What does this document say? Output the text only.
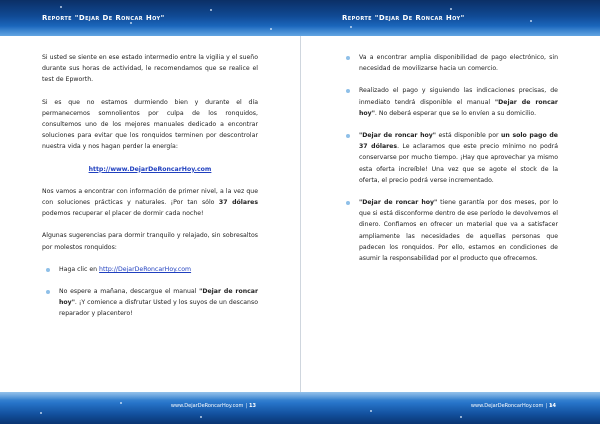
Reporte "Dejar De Roncar Hoy"

Si usted se siente en ese estado intermedio entre la vigilia y el sueño durante sus horas de actividad, le recomendamos que se realice el test de Epworth.

Si es que no estamos durmiendo bien y durante el día permanecemos somnolientos por culpa de los ronquidos, consultemos uno de los mejores manuales dedicado a encontrar soluciones para evitar que los ronquidos terminen por descontrolar nuestra vida y nos hagan perder la energía:

http://www.DejarDeRoncarHoy.com

Nos vamos a encontrar con información de primer nivel, a la vez que con soluciones prácticas y naturales. ¡Por tan sólo 37 dólares podemos recuperar el placer de dormir cada noche!

Algunas sugerencias para dormir tranquilo y relajado, sin sobresaltos por molestos ronquidos:

Haga clic en http://DejarDeRoncarHoy.com
No espere a mañana, descargue el manual "Dejar de roncar hoy". ¡Y comience a disfrutar Usted y los suyos de un descanso reparador y placentero!
www.DejarDeRoncarHoy.com | 13
Reporte "Dejar De Roncar Hoy"
Va a encontrar amplia disponibilidad de pago electrónico, sin necesidad de movilizarse hacia un comercio.
Realizado el pago y siguiendo las indicaciones precisas, de inmediato tendrá disponible el manual "Dejar de roncar hoy". No deberá esperar que se lo envíen a su domicilio.
"Dejar de roncar hoy" está disponible por un solo pago de 37 dólares. Le aclaramos que este precio mínimo no podrá conservarse por mucho tiempo. ¡Hay que aprovechar ya mismo esta oferta increíble! Una vez que se agote el stock de la oferta, el precio podrá verse incrementado.
"Dejar de roncar hoy" tiene garantía por dos meses, por lo que si está disconforme dentro de ese período le devolvemos el dinero. Confiamos en ofrecer un material que va a satisfacer ampliamente las necesidades de aquellas personas que padecen los ronquidos. Por ello, estamos en condiciones de asumir la responsabilidad por el producto que ofrecemos.
www.DejarDeRoncarHoy.com | 14
